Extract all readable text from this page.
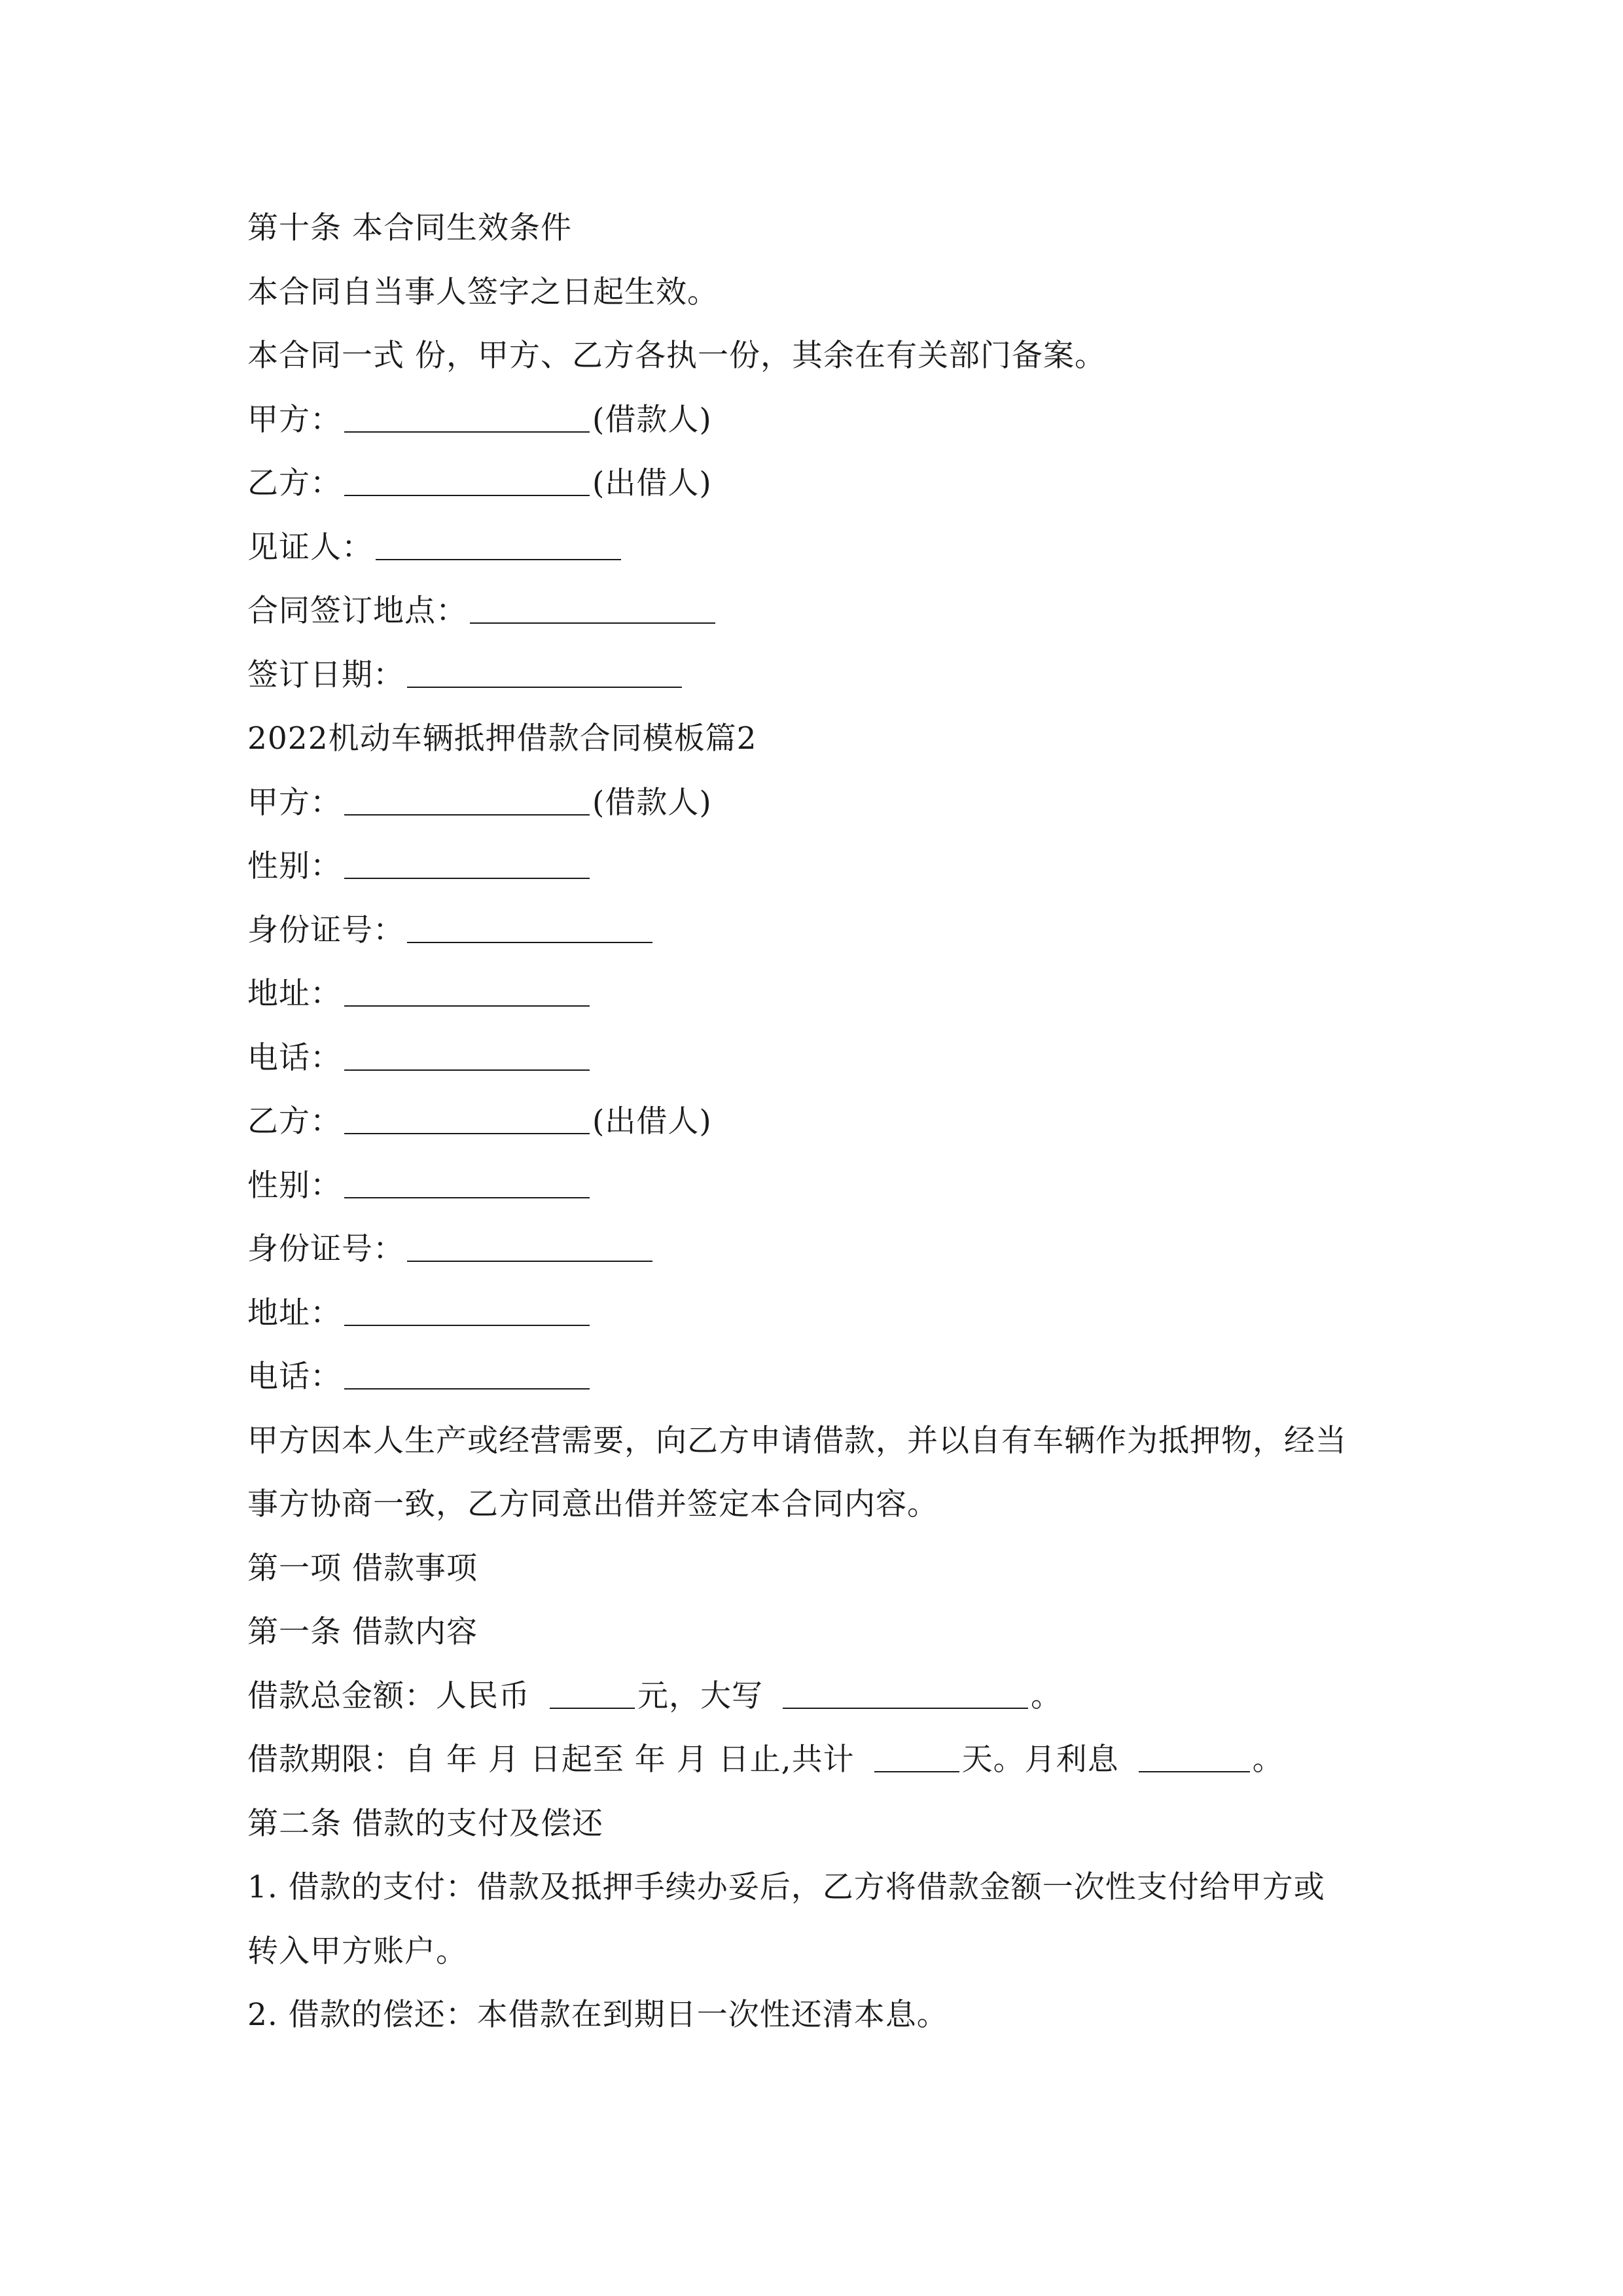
第十条 本合同生效条件
本合同自当事人签字之日起生效。
本合同一式 份，甲方、乙方各执一份，其余在有关部门备案。
甲方：	(借款人)
乙方：	(出借人)
见证人：
合同签订地点：
签订日期：
2022机动车辆抵押借款合同模板篇2
甲方：	(借款人)
性别：
身份证号：
地址：
电话：
乙方：	(出借人)
性别：
身份证号：
地址：
电话：
甲方因本人生产或经营需要，向乙方申请借款，并以自有车辆作为抵押物，经当
事方协商一致，乙方同意出借并签定本合同内容。
第一项 借款事项
第一条 借款内容
借款总金额：人民币	元，大写	。
借款期限：自 年 月 日起至 年 月 日止,共计	天。月利息	。
第二条 借款的支付及偿还
1. 借款的支付：借款及抵押手续办妥后，乙方将借款金额一次性支付给甲方或
转入甲方账户。
2. 借款的偿还：本借款在到期日一次性还清本息。
